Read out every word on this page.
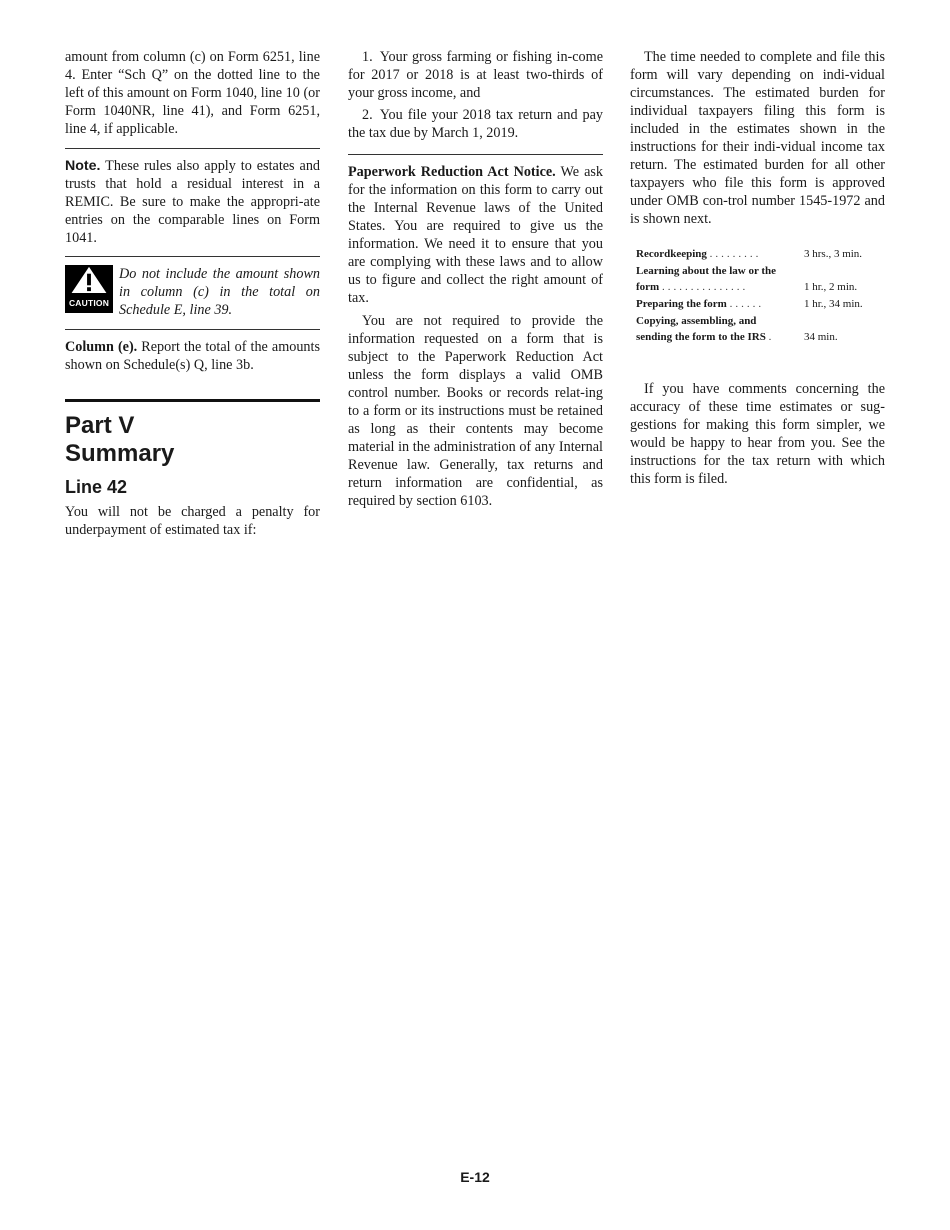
amount from column (c) on Form 6251, line 4. Enter “Sch Q” on the dotted line to the left of this amount on Form 1040, line 10 (or Form 1040NR, line 41), and Form 6251, line 4, if applicable.

Note. These rules also apply to estates and trusts that hold a residual interest in a REMIC. Be sure to make the appropri-ate entries on the comparable lines on Form 1041.

CAUTION
Do not include the amount shown in column (c) in the total on Schedule E, line 39.

Column (e). Report the total of the amounts shown on Schedule(s) Q, line 3b.

Part V
Summary
Line 42

You will not be charged a penalty for underpayment of estimated tax if:

1. Your gross farming or fishing in-come for 2017 or 2018 is at least two-thirds of your gross income, and

2. You file your 2018 tax return and pay the tax due by March 1, 2019.

Paperwork Reduction Act Notice. We ask for the information on this form to carry out the Internal Revenue laws of the United States. You are required to give us the information. We need it to ensure that you are complying with these laws and to allow us to figure and collect the right amount of tax.

You are not required to provide the information requested on a form that is subject to the Paperwork Reduction Act unless the form displays a valid OMB control number. Books or records relat-ing to a form or its instructions must be retained as long as their contents may become material in the administration of any Internal Revenue law. Generally, tax returns and return information are confidential, as required by section 6103.

The time needed to complete and file this form will vary depending on indi-vidual circumstances. The estimated burden for individual taxpayers filing this form is included in the estimates shown in the instructions for their indi-vidual income tax return. The estimated burden for all other taxpayers who file this form is approved under OMB con-trol number 1545-1972 and is shown next.

Recordkeeping .........	3 hrs., 3 min.
Learning about the law or the
form ...............	1 hr., 2 min.
Preparing the form ......	1 hr., 34 min.
Copying, assembling, and
sending the form to the IRS .	34 min.

If you have comments concerning the accuracy of these time estimates or sug-gestions for making this form simpler, we would be happy to hear from you. See the instructions for the tax return with which this form is filed.

E-12
